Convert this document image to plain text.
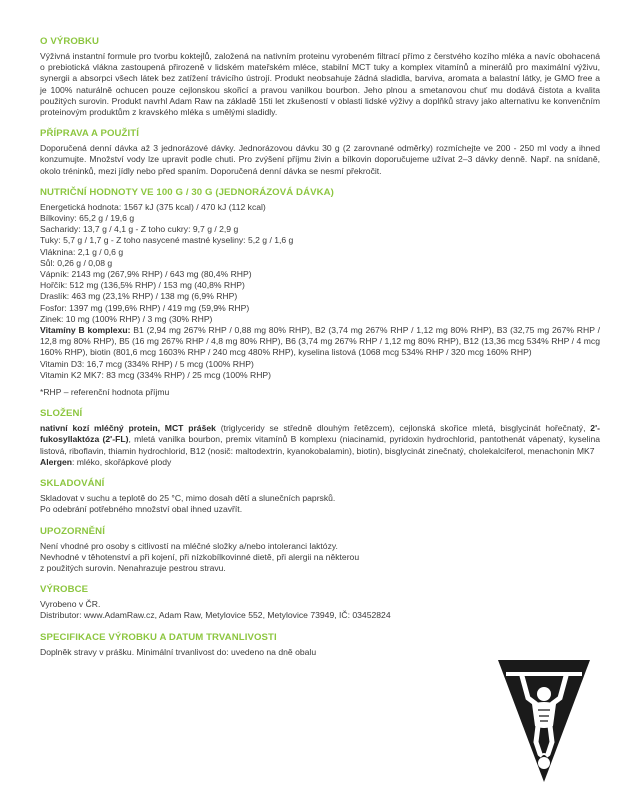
O VÝROBKU

Výživná instantní formule pro tvorbu koktejlů, založená na nativním proteinu vyrobeném filtrací přímo z čerstvého kozího mléka a navíc obohacená o prebiotická vlákna zastoupená přirozeně v lidském mateřském mléce, stabilní MCT tuky a komplex vitamínů a minerálů pro maximální výživu, synergii a absorpci všech látek bez zatížení trávicího ústrojí. Produkt neobsahuje žádná sladidla, barviva, aromata a balastní látky, je GMO free a je 100% naturálně ochucen pouze cejlonskou skořicí a pravou vanilkou bourbon. Jeho plnou a smetanovou chuť mu dodává čistota a kvalita použitých surovin. Produkt navrhl Adam Raw na základě 15ti let zkušeností v oblasti lidské výživy a doplňků stravy jako alternativu ke konvenčním proteinovým produktům z kravského mléka s umělými sladidly.

PŘÍPRAVA A POUŽITÍ

Doporučená denní dávka až 3 jednorázové dávky. Jednorázovou dávku 30 g (2 zarovnané odměrky) rozmíchejte ve 200 - 250 ml vody a ihned konzumujte. Množství vody lze upravit podle chuti. Pro zvýšení příjmu živin a bílkovin doporučujeme užívat 2–3 dávky denně. Např. na snídaně, okolo tréninků, mezi jídly nebo před spaním. Doporučená denní dávka se nesmí překročit.

NUTRIČNÍ HODNOTY VE 100 G / 30 G (JEDNORÁZOVÁ DÁVKA)
Energetická hodnota: 1567 kJ (375 kcal) / 470 kJ (112 kcal)
Bílkoviny: 65,2 g / 19,6 g
Sacharidy: 13,7 g / 4,1 g - Z toho cukry: 9,7 g / 2,9 g
Tuky: 5,7 g / 1,7 g - Z toho nasycené mastné kyseliny: 5,2 g / 1,6 g
Vláknina: 2,1 g / 0,6 g
Sůl: 0,26 g / 0,08 g
Vápník: 2143 mg (267,9% RHP) / 643 mg (80,4% RHP)
Hořčík: 512 mg (136,5% RHP) / 153 mg (40,8% RHP)
Draslík: 463 mg (23,1% RHP) / 138 mg (6,9% RHP)
Fosfor: 1397 mg (199,6% RHP) / 419 mg (59,9% RHP)
Zinek: 10 mg (100% RHP) / 3 mg (30% RHP)

Vitamíny B komplexu: B1 (2,94 mg 267% RHP / 0,88 mg 80% RHP), B2 (3,74 mg 267% RHP / 1,12 mg 80% RHP), B3 (32,75 mg 267% RHP / 12,8 mg 80% RHP), B5 (16 mg 267% RHP / 4,8 mg 80% RHP), B6 (3,74 mg 267% RHP / 1,12 mg 80% RHP), B12 (13,36 mcg 534% RHP / 4 mcg 160% RHP), biotin (801,6 mcg 1603% RHP / 240 mcg 480% RHP), kyselina listová (1068 mcg 534% RHP / 320 mcg 160% RHP)

Vitamin D3: 16,7 mcg (334% RHP) / 5 mcg (100% RHP)
Vitamin K2 MK7: 83 mcg (334% RHP) / 25 mcg (100% RHP)
*RHP – referenční hodnota příjmu
SLOŽENÍ

nativní kozí mléčný protein, MCT prášek (triglyceridy se středně dlouhým řetězcem), cejlonská skořice mletá, bisglycinát hořečnatý, 2'-fukosyllaktóza (2'-FL), mletá vanilka bourbon, premix vitamínů B komplexu (niacinamid, pyridoxin hydrochlorid, pantothenát vápenatý, kyselina listová, riboflavin, thiamin hydrochlorid, B12 (nosič: maltodextrin, kyanokobalamin), biotin), bisglycinát zinečnatý, cholekalciferol, menachonin MK7

Alergen: mléko, skořápkové plody

SKLADOVÁNÍ
Skladovat v suchu a teplotě do 25 °C, mimo dosah dětí a slunečních paprsků.
Po odebrání potřebného množství obal ihned uzavřít.
UPOZORNĚNÍ
Není vhodné pro osoby s citlivostí na mléčné složky a/nebo intoleranci laktózy.
Nevhodné v těhotenství a při kojení, při nízkobílkovinné dietě, při alergii na některou
z použitých surovin. Nenahrazuje pestrou stravu.
VÝROBCE
Vyrobeno v ČR.
Distributor: www.AdamRaw.cz, Adam Raw, Metylovice 552, Metylovice 73949, IČ: 03452824
SPECIFIKACE VÝROBKU A DATUM TRVANLIVOSTI

Doplněk stravy v prášku. Minimální trvanlivost do: uvedeno na dně obalu
